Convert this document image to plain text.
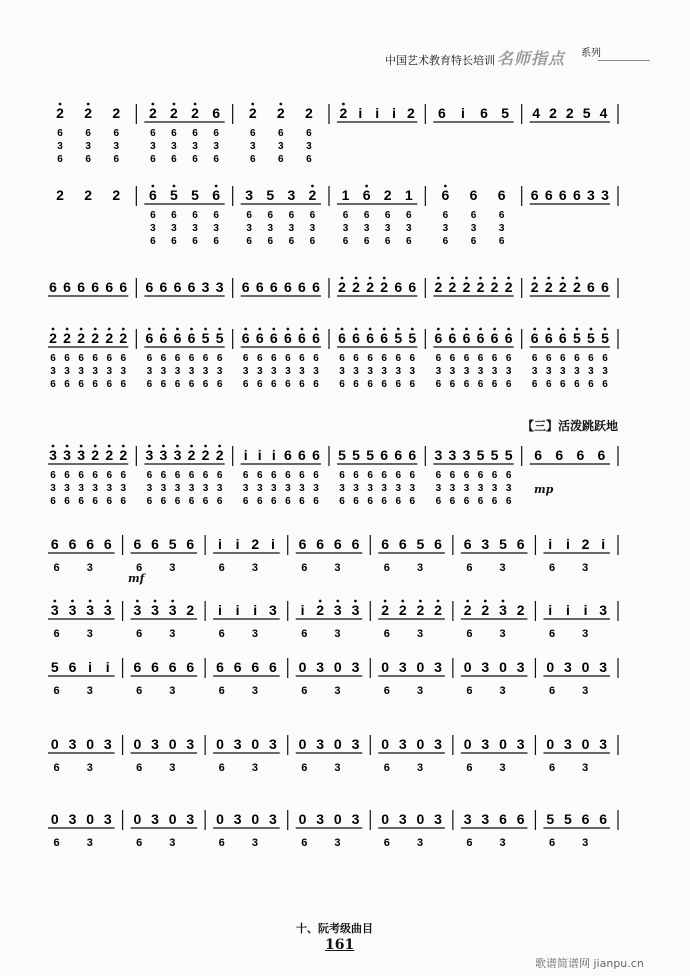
中国艺术教育特长培训 名师指点 系列
2 2 2
6
3
6
6
3
6
6
3
6
2 2 2 6
6
3
6
6
3
6
6
3
6
6
3
6
2 2 2
6
3
6
6
3
6
6
3
6
2 i i i 2 6 i 6 5 4 2 2 5 4
2 2 2 6 5 5 6
6
3
6
6
3
6
6
3
6
6
3
6
3 5 3 2
6
3
6
6
3
6
6
3
6
6
3
6
1 6 2 1
6
3
6
6
3
6
6
3
6
6
3
6
6 6 6
6
3
6
6
3
6
6
3
6
6 6 6 6 3 3
6 6 6 6 6 6 6 6 6 6 3 3 6 6 6 6 6 6 2 2 2 2 6 6 2 2 2 2 2 2 2 2 2 2 6 6
2 2 2 2 2 2
6
3
6
6
3
6
6
3
6
6
3
6
6
3
6
6
3
6
6 6 6 6 5 5
6
3
6
6
3
6
6
3
6
6
3
6
6
3
6
6
3
6
6 6 6 6 6 6
6
3
6
6
3
6
6
3
6
6
3
6
6
3
6
6
3
6
6 6 6 6 5 5
6
3
6
6
3
6
6
3
6
6
3
6
6
3
6
6
3
6
6 6 6 6 6 6
6
3
6
6
3
6
6
3
6
6
3
6
6
3
6
6
3
6
6 6 6 5 5 5
6
3
6
6
3
6
6
3
6
6
3
6
6
3
6
6
3
6
3 3 3 2 2 2
6
3
6
6
3
6
6
3
6
6
3
6
6
3
6
6
3
6
3 3 3 2 2 2
6
3
6
6
3
6
6
3
6
6
3
6
6
3
6
6
3
6
i i i 6 6 6
6
3
6
6
3
6
6
3
6
6
3
6
6
3
6
6
3
6
5 5 5 6 6 6
6
3
6
6
3
6
6
3
6
6
3
6
6
3
6
6
3
6
3 3 3 5 5 5
6
3
6
6
3
6
6
3
6
6
3
6
6
3
6
6
3
6
6 6 6 6
6 6 6 6
6 3
6 6 5 6
6 3
i i 2 i
6 3
6 6 6 6
6 3
6 6 5 6
6 3
6 3 5 6
6 3
i i 2 i
6 3
3 3 3 3
6 3
3 3 3 2
6 3
i i i 3
6 3
i 2 3 3
6 3
2 2 2 2
6 3
2 2 3 2
6 3
i i i 3
6 3
5 6 i i
6 3
6 6 6 6
6 3
6 6 6 6
6 3
0 3 0 3
6 3
0 3 0 3
6 3
0 3 0 3
6 3
0 3 0 3
6 3
0 3 0 3
6 3
0 3 0 3
6 3
0 3 0 3
6 3
0 3 0 3
6 3
0 3 0 3
6 3
0 3 0 3
6 3
0 3 0 3
6 3
0 3 0 3
6 3
0 3 0 3
6 3
0 3 0 3
6 3
0 3 0 3
6 3
0 3 0 3
6 3
3 3 6 6
6 3
5 5 6 6
6 3
【三】活泼跳跃地
mp
mf
十、阮考级曲目
161
歌谱简谱网 jianpu.cn
